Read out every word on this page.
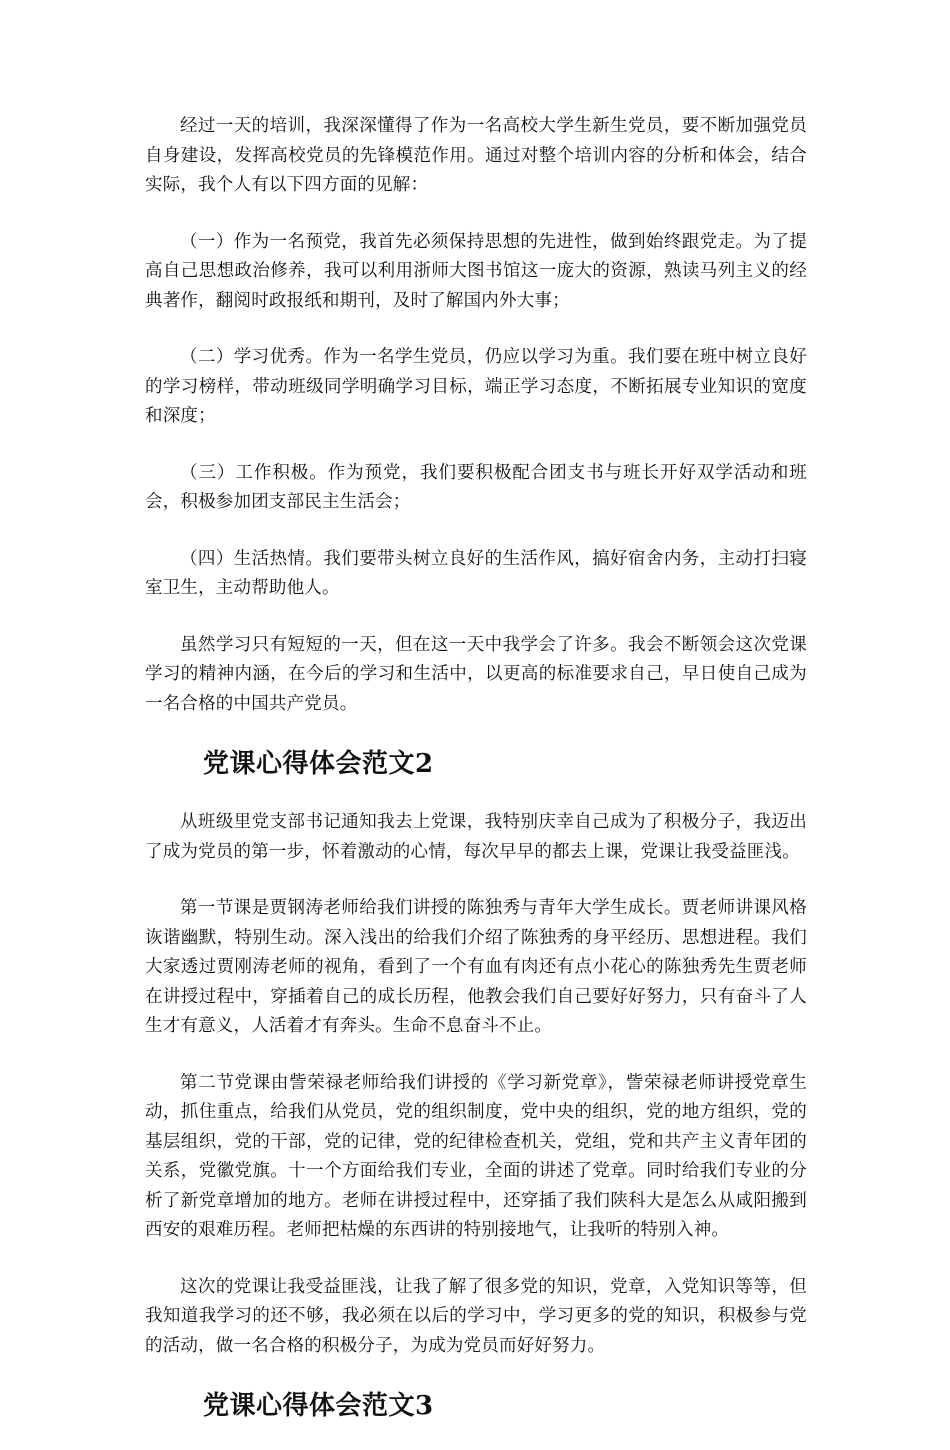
经过一天的培训，我深深懂得了作为一名高校大学生新生党员，要不断加强党员自身建设，发挥高校党员的先锋模范作用。通过对整个培训内容的分析和体会，结合实际，我个人有以下四方面的见解：

（一）作为一名预党，我首先必须保持思想的先进性，做到始终跟党走。为了提高自己思想政治修养，我可以利用浙师大图书馆这一庞大的资源，熟读马列主义的经典著作，翻阅时政报纸和期刊，及时了解国内外大事；

（二）学习优秀。作为一名学生党员，仍应以学习为重。我们要在班中树立良好的学习榜样，带动班级同学明确学习目标，端正学习态度，不断拓展专业知识的宽度和深度；

（三）工作积极。作为预党，我们要积极配合团支书与班长开好双学活动和班会，积极参加团支部民主生活会；

（四）生活热情。我们要带头树立良好的生活作风，搞好宿舍内务，主动打扫寝室卫生，主动帮助他人。

虽然学习只有短短的一天，但在这一天中我学会了许多。我会不断领会这次党课学习的精神内涵，在今后的学习和生活中，以更高的标准要求自己，早日使自己成为一名合格的中国共产党员。

党课心得体会范文2

从班级里党支部书记通知我去上党课，我特别庆幸自己成为了积极分子，我迈出了成为党员的第一步，怀着激动的心情，每次早早的都去上课，党课让我受益匪浅。

第一节课是贾钢涛老师给我们讲授的陈独秀与青年大学生成长。贾老师讲课风格诙谐幽默，特别生动。深入浅出的给我们介绍了陈独秀的身平经历、思想进程。我们大家透过贾刚涛老师的视角，看到了一个有血有肉还有点小花心的陈独秀先生贾老师在讲授过程中，穿插着自己的成长历程，他教会我们自己要好好努力，只有奋斗了人生才有意义，人活着才有奔头。生命不息奋斗不止。

第二节党课由訾荣禄老师给我们讲授的《学习新党章》，訾荣禄老师讲授党章生动，抓住重点，给我们从党员，党的组织制度，党中央的组织，党的地方组织，党的基层组织，党的干部，党的记律，党的纪律检查机关，党组，党和共产主义青年团的关系，党徽党旗。十一个方面给我们专业，全面的讲述了党章。同时给我们专业的分析了新党章增加的地方。老师在讲授过程中，还穿插了我们陕科大是怎么从咸阳搬到西安的艰难历程。老师把枯燥的东西讲的特别接地气，让我听的特别入神。

这次的党课让我受益匪浅，让我了解了很多党的知识，党章，入党知识等等，但我知道我学习的还不够，我必须在以后的学习中，学习更多的党的知识，积极参与党的活动，做一名合格的积极分子，为成为党员而好好努力。

党课心得体会范文3
